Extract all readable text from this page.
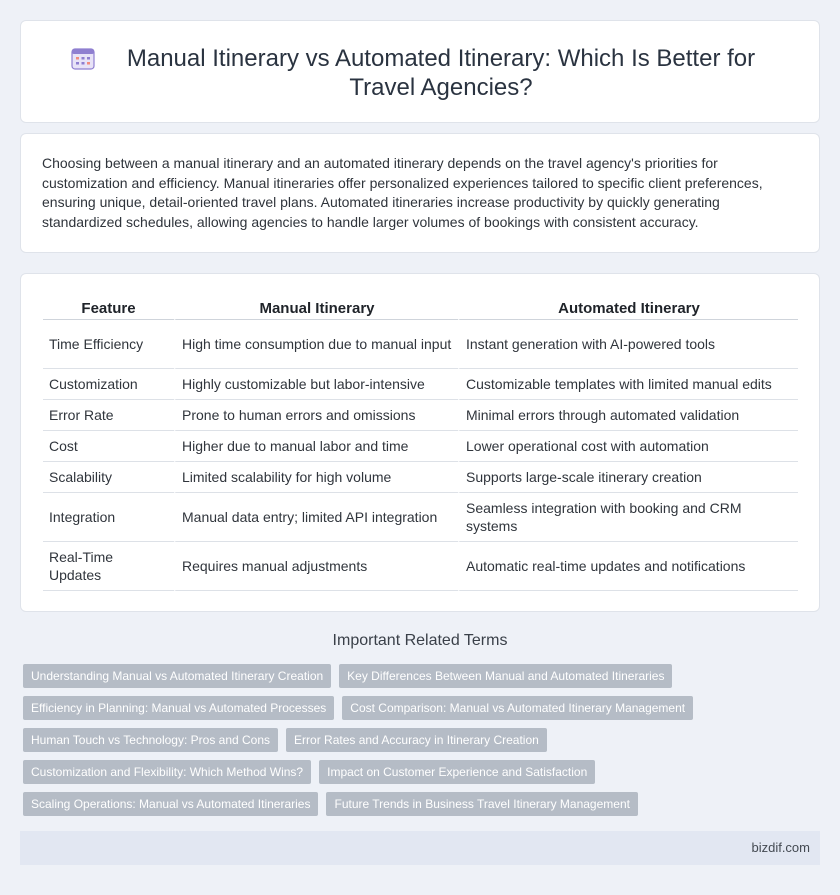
Manual Itinerary vs Automated Itinerary: Which Is Better for Travel Agencies?

Choosing between a manual itinerary and an automated itinerary depends on the travel agency's priorities for customization and efficiency. Manual itineraries offer personalized experiences tailored to specific client preferences, ensuring unique, detail-oriented travel plans. Automated itineraries increase productivity by quickly generating standardized schedules, allowing agencies to handle larger volumes of bookings with consistent accuracy.

Feature	Manual Itinerary	Automated Itinerary
Time Efficiency	High time consumption due to manual input	Instant generation with AI-powered tools
Customization	Highly customizable but labor-intensive	Customizable templates with limited manual edits
Error Rate	Prone to human errors and omissions	Minimal errors through automated validation
Cost	Higher due to manual labor and time	Lower operational cost with automation
Scalability	Limited scalability for high volume	Supports large-scale itinerary creation
Integration	Manual data entry; limited API integration	Seamless integration with booking and CRM systems
Real-Time Updates	Requires manual adjustments	Automatic real-time updates and notifications
Important Related Terms
Understanding Manual vs Automated Itinerary Creation	Key Differences Between Manual and Automated Itineraries
Efficiency in Planning: Manual vs Automated Processes	Cost Comparison: Manual vs Automated Itinerary Management
Human Touch vs Technology: Pros and Cons	Error Rates and Accuracy in Itinerary Creation
Customization and Flexibility: Which Method Wins?	Impact on Customer Experience and Satisfaction
Scaling Operations: Manual vs Automated Itineraries	Future Trends in Business Travel Itinerary Management
bizdif.com
